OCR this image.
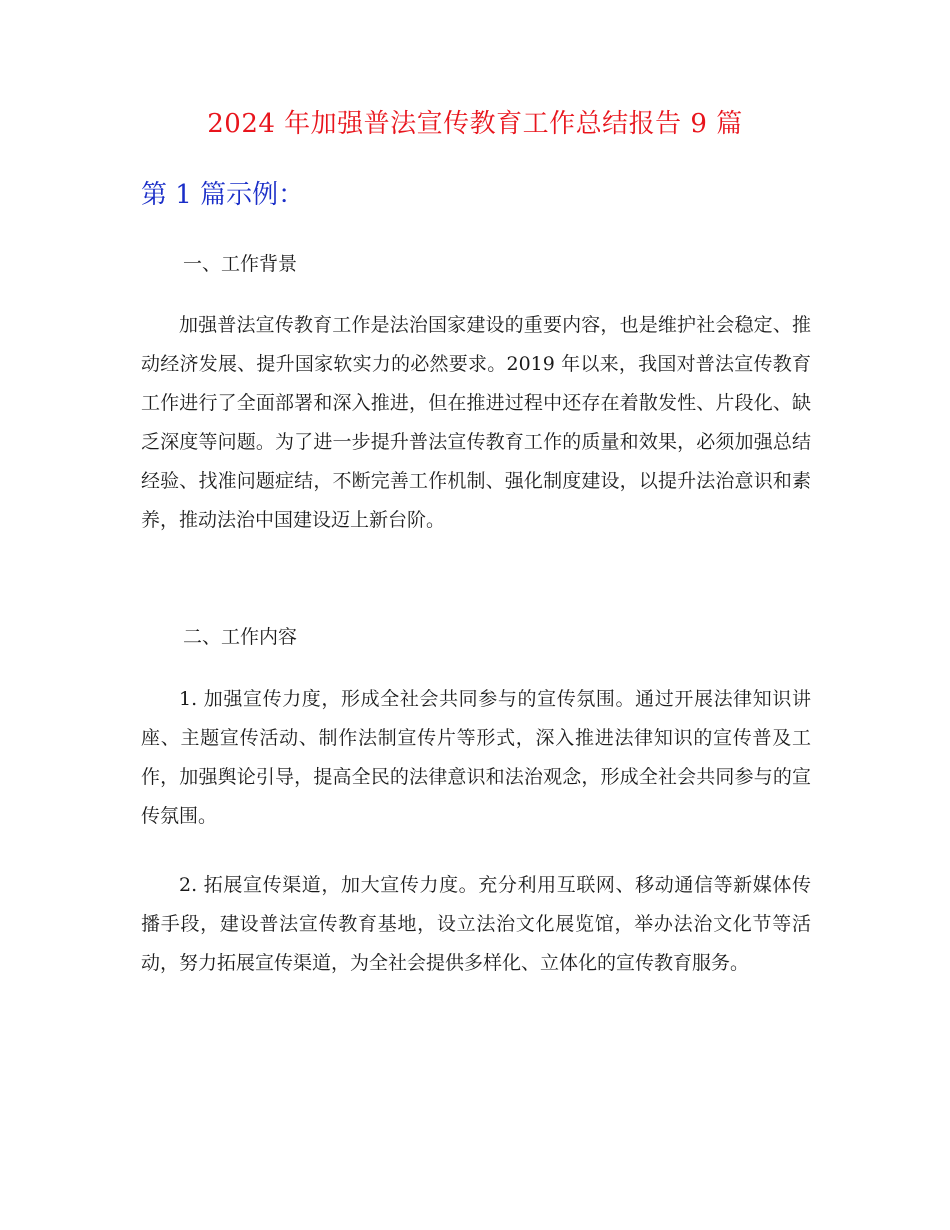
2024 年加强普法宣传教育工作总结报告 9 篇
第 1 篇示例：
一、工作背景
加强普法宣传教育工作是法治国家建设的重要内容，也是维护社会稳定、推动经济发展、提升国家软实力的必然要求。2019 年以来，我国对普法宣传教育工作进行了全面部署和深入推进，但在推进过程中还存在着散发性、片段化、缺乏深度等问题。为了进一步提升普法宣传教育工作的质量和效果，必须加强总结经验、找准问题症结，不断完善工作机制、强化制度建设，以提升法治意识和素养，推动法治中国建设迈上新台阶。
二、工作内容
1. 加强宣传力度，形成全社会共同参与的宣传氛围。通过开展法律知识讲座、主题宣传活动、制作法制宣传片等形式，深入推进法律知识的宣传普及工作，加强舆论引导，提高全民的法律意识和法治观念，形成全社会共同参与的宣传氛围。
2. 拓展宣传渠道，加大宣传力度。充分利用互联网、移动通信等新媒体传播手段，建设普法宣传教育基地，设立法治文化展览馆，举办法治文化节等活动，努力拓展宣传渠道，为全社会提供多样化、立体化的宣传教育服务。
